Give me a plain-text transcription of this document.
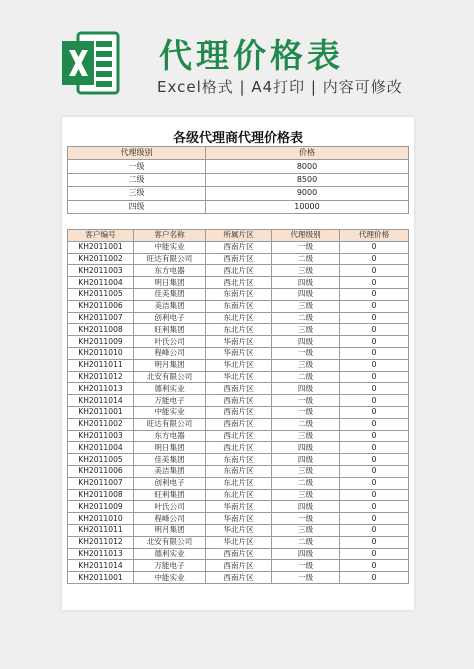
代理价格表
Excel格式 | A4打印 | 内容可修改
各级代理商代理价格表
代理级别	价格
一级	8000
二级	8500
三级	9000
四级	10000
客户编号	客户名称	所属片区	代理级别	代理价格
KH2011001	中能实业	西南片区	一级	0
KH2011002	旺达有限公司	西南片区	二级	0
KH2011003	东方电器	西北片区	三级	0
KH2011004	明日集团	西北片区	四级	0
KH2011005	佳美集团	东南片区	四级	0
KH2011006	美洁集团	东南片区	三级	0
KH2011007	创利电子	东北片区	二级	0
KH2011008	旺利集团	东北片区	三级	0
KH2011009	叶氏公司	华南片区	四级	0
KH2011010	程峰公司	华南片区	一级	0
KH2011011	明月集团	华北片区	三级	0
KH2011012	北安有限公司	华北片区	二级	0
KH2011013	德利实业	西南片区	四级	0
KH2011014	万能电子	西南片区	一级	0
KH2011001	中能实业	西南片区	一级	0
KH2011002	旺达有限公司	西南片区	二级	0
KH2011003	东方电器	西北片区	三级	0
KH2011004	明日集团	西北片区	四级	0
KH2011005	佳美集团	东南片区	四级	0
KH2011006	美洁集团	东南片区	三级	0
KH2011007	创利电子	东北片区	二级	0
KH2011008	旺利集团	东北片区	三级	0
KH2011009	叶氏公司	华南片区	四级	0
KH2011010	程峰公司	华南片区	一级	0
KH2011011	明月集团	华北片区	三级	0
KH2011012	北安有限公司	华北片区	二级	0
KH2011013	德利实业	西南片区	四级	0
KH2011014	万能电子	西南片区	一级	0
KH2011001	中能实业	西南片区	一级	0
